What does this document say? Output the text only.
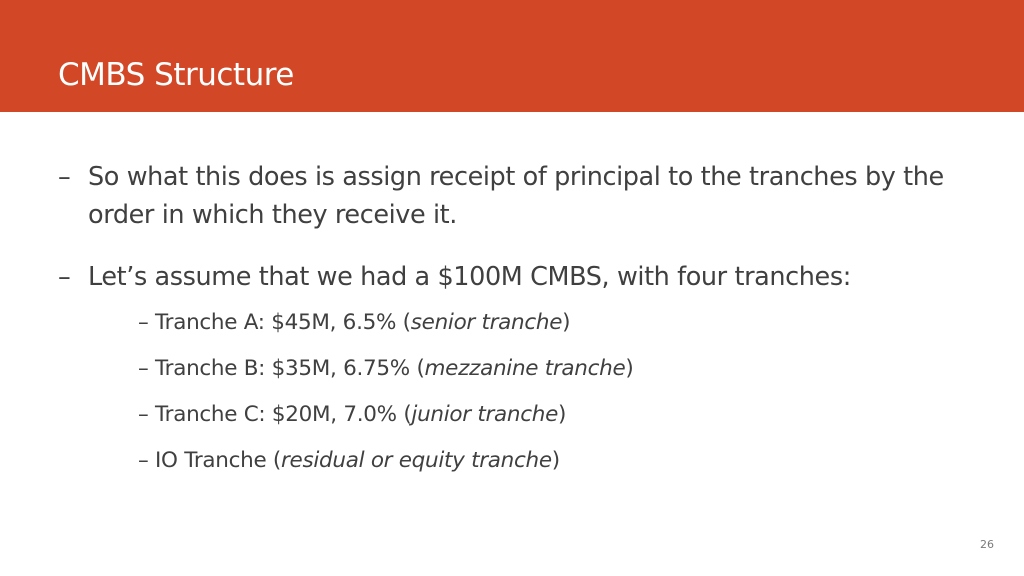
CMBS Structure

– So what this does is assign receipt of principal to the tranches by the order in which they receive it.

– Let’s assume that we had a $100M CMBS, with four tranches:

– Tranche A: $45M, 6.5% (senior tranche)
– Tranche B: $35M, 6.75% (mezzanine tranche)
– Tranche C: $20M, 7.0% (junior tranche)
– IO Tranche (residual or equity tranche)
26
